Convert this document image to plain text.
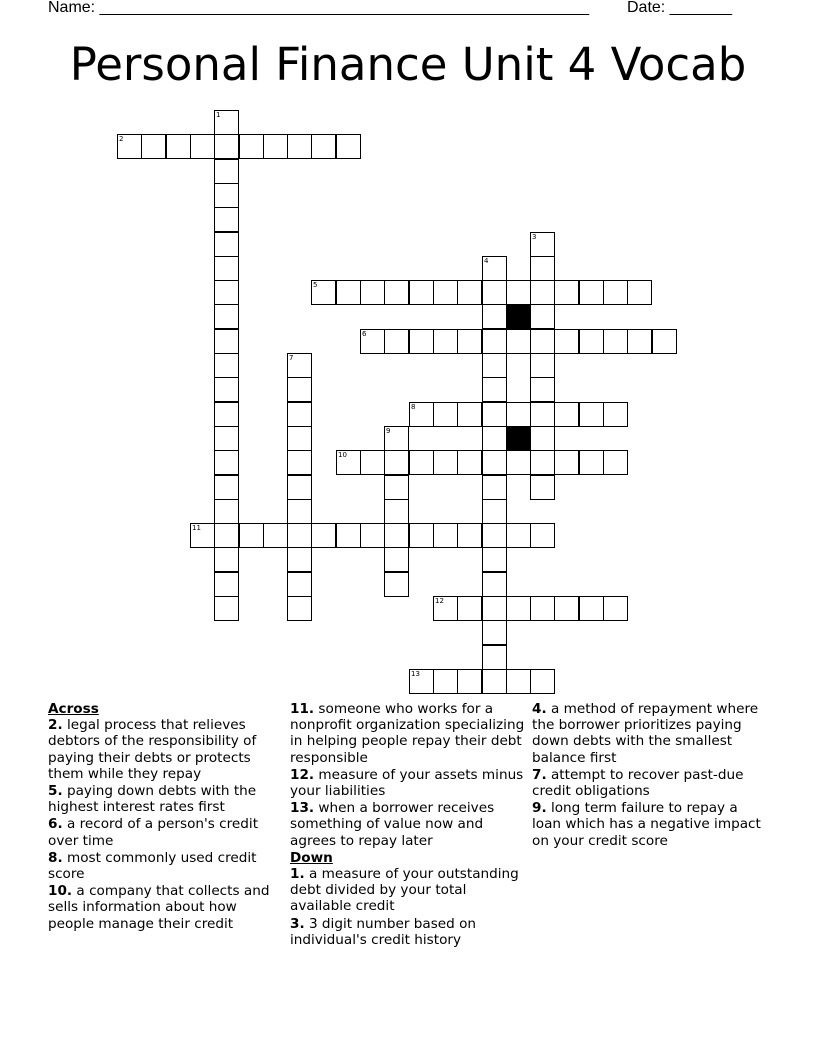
Name: _______________________________________________________ Date: _______
Personal Finance Unit 4 Vocab
2
5
6
8
10
11
12
13
1
3
4
7
9
Across
2. legal process that relieves debtors of the responsibility of paying their debts or protects them while they repay
5. paying down debts with the highest interest rates first
6. a record of a person's credit over time
8. most commonly used credit score
10. a company that collects and sells information about how people manage their credit
11. someone who works for a nonprofit organization specializing in helping people repay their debt responsible
12. measure of your assets minus your liabilities
13. when a borrower receives something of value now and agrees to repay later
Down
1. a measure of your outstanding debt divided by your total available credit
3. 3 digit number based on individual's credit history
4. a method of repayment where the borrower prioritizes paying down debts with the smallest balance first
7. attempt to recover past-due credit obligations
9. long term failure to repay a loan which has a negative impact on your credit score
